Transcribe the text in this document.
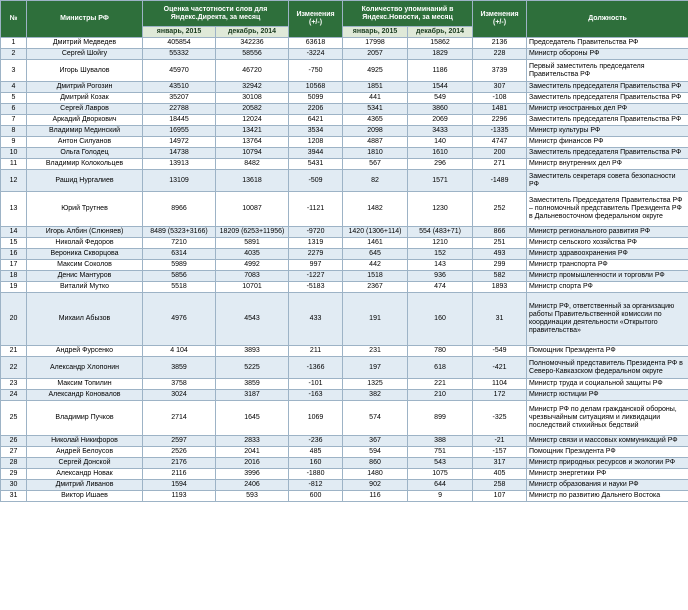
№	Министры РФ	Оценка частотности слов для Яндекс.Директа, за месяц		Изменения (+/-)	Количество упоминаний в Яндекс.Новости, за месяц		Изменения (+/-)	Должность
		январь, 2015	декабрь, 2014		январь, 2015	декабрь, 2014		
1	Дмитрий Медведев	405854	342236	63618	17998	15862	2136	Председатель Правительства РФ
2	Сергей Шойгу	55332	58556	-3224	2057	1829	228	Министр обороны РФ
3	Игорь Шувалов	45970	46720	-750	4925	1186	3739	Первый заместитель председателя Правительства РФ
4	Дмитрий Рогозин	43510	32942	10568	1851	1544	307	Заместитель председателя Правительства РФ
5	Дмитрий Козак	35207	30108	5099	441	549	-108	Заместитель председателя Правительства РФ
6	Сергей Лавров	22788	20582	2206	5341	3860	1481	Министр иностранных дел РФ
7	Аркадий Дворкович	18445	12024	6421	4365	2069	2296	Заместитель председателя Правительства РФ
8	Владимир Мединский	16955	13421	3534	2098	3433	-1335	Министр культуры РФ
9	Антон Силуанов	14972	13764	1208	4887	140	4747	Министр финансов РФ
10	Ольга Голодец	14738	10794	3944	1810	1610	200	Заместитель председателя Правительства РФ
11	Владимир Колокольцев	13913	8482	5431	567	296	271	Министр внутренних дел РФ
12	Рашид Нургалиев	13109	13618	-509	82	1571	-1489	Заместитель секретаря совета безопасности РФ
13	Юрий Трутнев	8966	10087	-1121	1482	1230	252	Заместитель Председателя Правительства РФ – полномочный представитель Президента РФ в Дальневосточном федеральном округе
14	Игорь Албин (Слюняев)	8489 (5323+3166)	18209 (6253+11956)	-9720	1420 (1306+114)	554 (483+71)	866	Министр регионального развития РФ
15	Николай Федоров	7210	5891	1319	1461	1210	251	Министр сельского хозяйства РФ
16	Вероника Скворцова	6314	4035	2279	645	152	493	Министр здравоохранения РФ
17	Максим Соколов	5989	4992	997	442	143	299	Министр транспорта РФ
18	Денис Мантуров	5856	7083	-1227	1518	936	582	Министр промышленности и торговли РФ
19	Виталий Мутко	5518	10701	-5183	2367	474	1893	Министр спорта РФ
20	Михаил Абызов	4976	4543	433	191	160	31	Министр РФ, ответственный за организацию работы Правительственной комиссии по координации деятельности «Открытого правительства»
21	Андрей Фурсенко	4 104	3893	211	231	780	-549	Помощник Президента РФ
22	Александр Хлопонин	3859	5225	-1366	197	618	-421	Полномочный представитель Президента РФ в Северо-Кавказском федеральном округе
23	Максим Топилин	3758	3859	-101	1325	221	1104	Министр труда и социальной защиты РФ
24	Александр Коновалов	3024	3187	-163	382	210	172	Министр юстиции РФ
25	Владимир Пучков	2714	1645	1069	574	899	-325	Министр РФ по делам гражданской обороны, чрезвычайным ситуациям и ликвидации последствий стихийных бедствий
26	Николай Никифоров	2597	2833	-236	367	388	-21	Министр связи и массовых коммуникаций РФ
27	Андрей Белоусов	2526	2041	485	594	751	-157	Помощник Президента РФ
28	Сергей Донской	2176	2016	160	860	543	317	Министр природных ресурсов и экологии РФ
29	Александр Новак	2116	3996	-1880	1480	1075	405	Министр энергетики РФ
30	Дмитрий Ливанов	1594	2406	-812	902	644	258	Министр образования и науки РФ
31	Виктор Ишаев	1193	593	600	116	9	107	Министр по развитию Дальнего Востока
